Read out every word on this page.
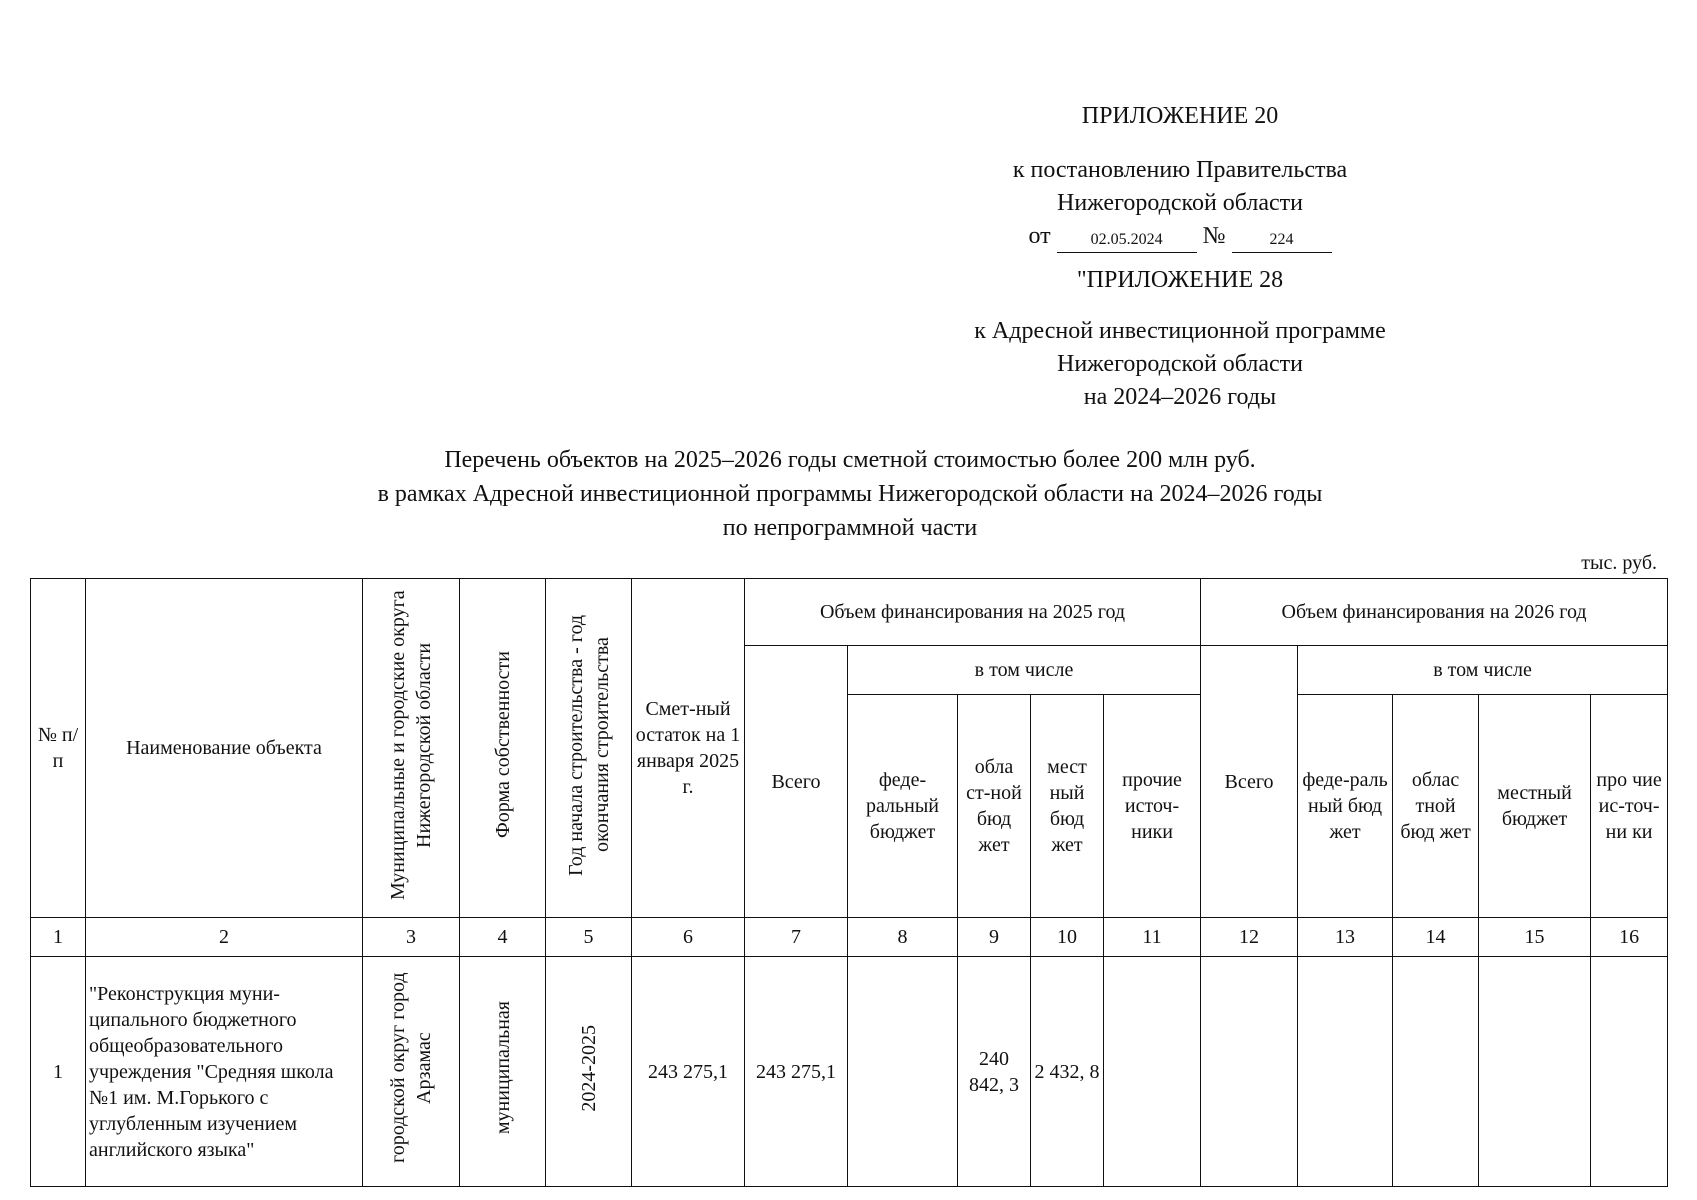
ПРИЛОЖЕНИЕ 20
к постановлению Правительства
Нижегородской области
от	02.05.2024	№	224
"ПРИЛОЖЕНИЕ 28
к Адресной инвестиционной программе
Нижегородской области
на 2024–2026 годы
Перечень объектов на 2025–2026 годы сметной стоимостью более 200 млн руб.
в рамках Адресной инвестиционной программы Нижегородской области на 2024–2026 годы
по непрограммной части
тыс. руб.
№ п/п	Наименование объекта	Муниципальные и городские округа Нижегородской области	Форма собственности	Год начала строительства - год окончания строительства	Смет-ный остаток на 1 января 2025 г.	Объем финансирования на 2025 год					Объем финансирования на 2026 год				
						Всего	в том числе				Всего	в том числе			
							феде-ральный бюджет	обла ст-ной бюд жет	мест ный бюд жет	прочие источ-ники		феде-раль ный бюд жет	облас тной бюд жет	местный бюджет	про чие ис-точ-ни ки
1	2	3	4	5	6	7	8	9	10	11	12	13	14	15	16
1	"Реконструкция муни-ципального бюджетного общеобразовательного учреждения "Средняя школа №1 им. М.Горького с углубленным изучением английского языка"	городской округ город Арзамас	муниципальная	2024-2025	243 275,1	243 275,1		240 842, 3	2 432, 8						
